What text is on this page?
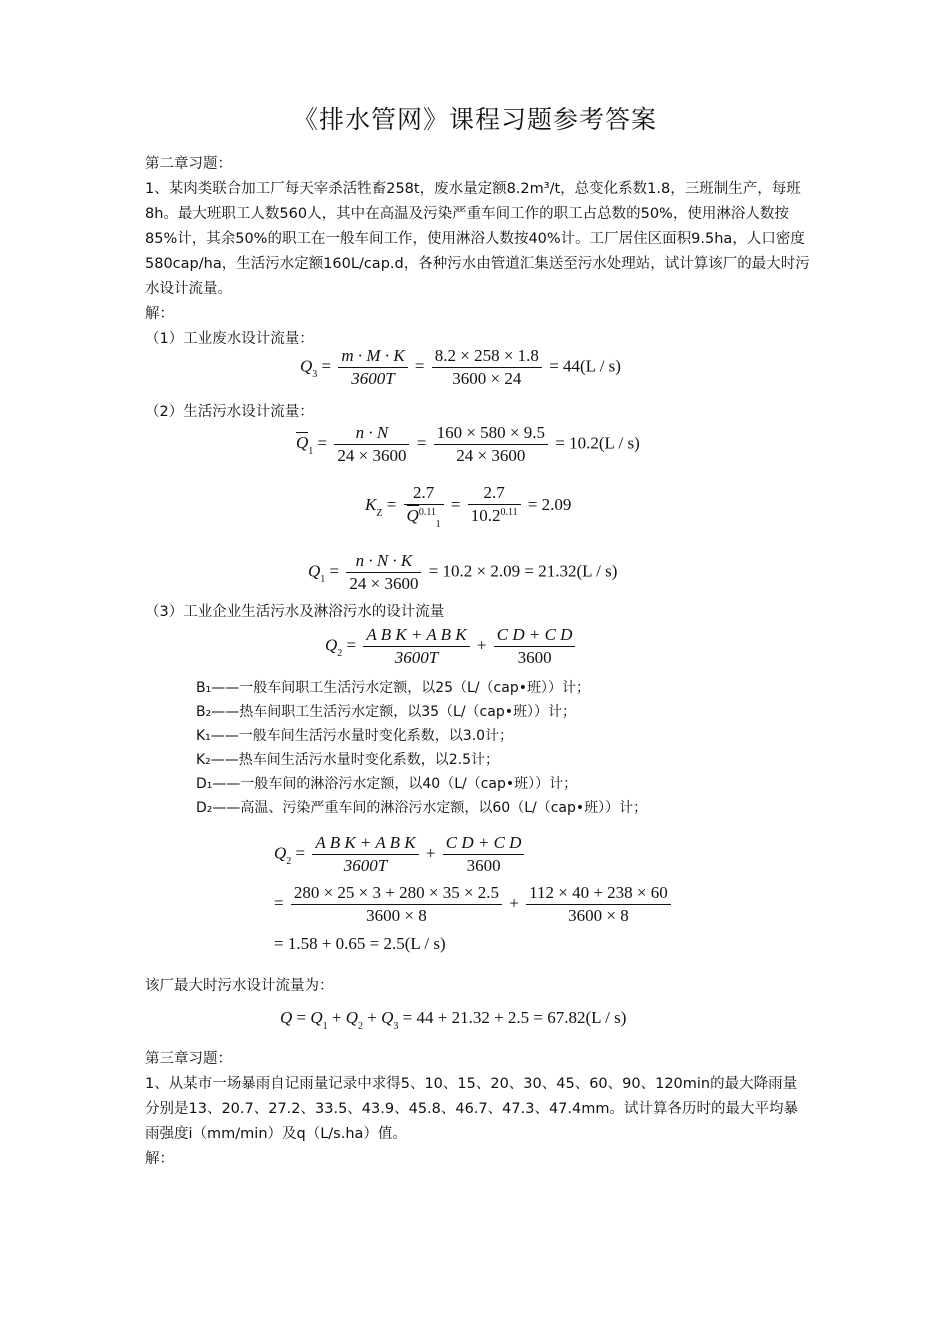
《排水管网》课程习题参考答案
第二章习题：
1、某肉类联合加工厂每天宰杀活牲畜258t，废水量定额8.2m³/t，总变化系数1.8，三班制生产，每班8h。最大班职工人数560人，其中在高温及污染严重车间工作的职工占总数的50%，使用淋浴人数按85%计，其余50%的职工在一般车间工作，使用淋浴人数按40%计。工厂居住区面积9.5ha，人口密度580cap/ha，生活污水定额160L/cap.d，各种污水由管道汇集送至污水处理站，试计算该厂的最大时污水设计流量。
解：
（1）工业废水设计流量：
$Q_3 = \frac{m \cdot M \cdot K}{3600T} = \frac{8.2 \times 258 \times 1.8}{3600 \times 24} = 44(L / s)$
（2）生活污水设计流量：
$Q_1 = \frac{n \cdot N}{24 \times 3600} = \frac{160 \times 580 \times 9.5}{24 \times 3600} = 10.2(L / s)$
$K_Z = \frac{2.7}{Q^{0.11}_1} = \frac{2.7}{10.2^{0.11}} = 2.09$
$Q_1 = \frac{n \cdot N \cdot K}{24 \times 3600} = 10.2 \times 2.09 = 21.32(L / s)$
（3）工业企业生活污水及淋浴污水的设计流量
$Q_2 = \frac{\text{A B K + A B K}}{3600T} + \frac{\text{C D + C D}}{3600}$
B₁——一般车间职工生活污水定额，以25（L/（cap•班））计；
B₂——热车间职工生活污水定额，以35（L/（cap•班））计；
K₁——一般车间生活污水量时变化系数，以3.0计；
K₂——热车间生活污水量时变化系数，以2.5计；
D₁——一般车间的淋浴污水定额，以40（L/（cap•班））计；
D₂——高温、污染严重车间的淋浴污水定额，以60（L/（cap•班））计；
$Q_2 = \frac{\text{A B K + A B K}}{3600T} + \frac{\text{C D + C D}}{3600}$
= $\frac{280 \times 25 \times 3 + 280 \times 35 \times 2.5}{3600 \times 8} + \frac{112 \times 40 + 238 \times 60}{3600 \times 8}$
= 1.58 + 0.65 = 2.5(L / s)
该厂最大时污水设计流量为：
$Q = Q_1 + Q_2 + Q_3 = 44 + 21.32 + 2.5 = 67.82(L / s)$
第三章习题：
1、从某市一场暴雨自记雨量记录中求得5、10、15、20、30、45、60、90、120min的最大降雨量分别是13、20.7、27.2、33.5、43.9、45.8、46.7、47.3、47.4mm。试计算各历时的最大平均暴雨强度i（mm/min）及q（L/s.ha）值。
解：
